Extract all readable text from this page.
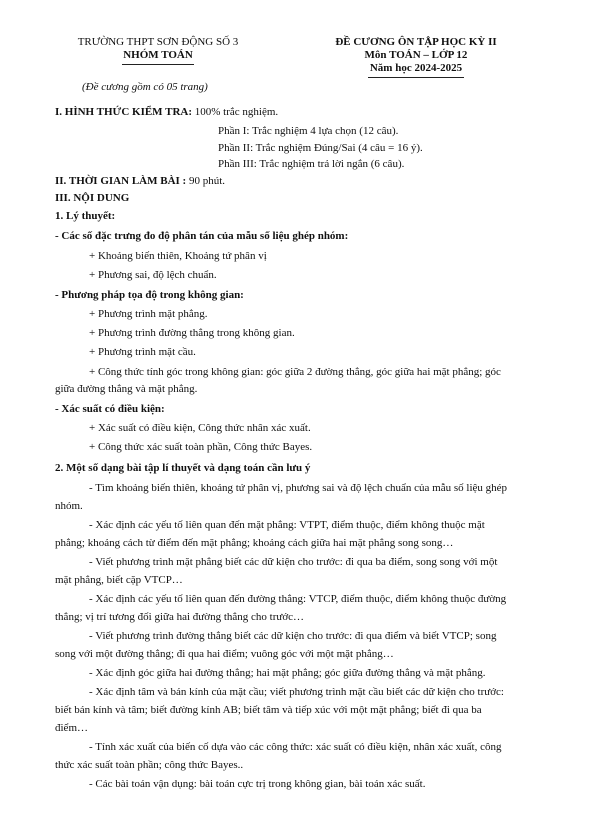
TRƯỜNG THPT SƠN ĐỘNG SỐ 3
NHÓM TOÁN
ĐỀ CƯƠNG ÔN TẬP HỌC KỲ II
Môn TOÁN – LỚP 12
Năm học 2024-2025
(Đề cương gồm có 05 trang)
I. HÌNH THỨC KIỂM TRA: 100% trắc nghiệm.
Phần I: Trắc nghiệm 4 lựa chọn (12 câu).
Phần II: Trắc nghiệm Đúng/Sai (4 câu = 16 ý).
Phần III: Trắc nghiệm trả lời ngắn (6 câu).
II. THỜI GIAN LÀM BÀI : 90 phút.
III. NỘI DUNG
1. Lý thuyết:
- Các số đặc trưng đo độ phân tán của mẫu số liệu ghép nhóm:
+ Khoảng biến thiên, Khoảng tứ phân vị
+ Phương sai, độ lệch chuẩn.
- Phương pháp tọa độ trong không gian:
+ Phương trình mặt phẳng.
+ Phương trình đường thẳng trong không gian.
+ Phương trình mặt cầu.
+ Công thức tính góc trong không gian: góc giữa 2 đường thẳng, góc giữa hai mặt phẳng; góc
giữa đường thẳng và mặt phẳng.
- Xác suất có điều kiện:
+ Xác suất có điều kiện, Công thức nhân xác xuất.
+ Công thức xác suất toàn phần, Công thức Bayes.
2. Một số dạng bài tập lí thuyết và dạng toán cần lưu ý
- Tìm khoảng biến thiên, khoảng tứ phân vị, phương sai và độ lệch chuẩn của mẫu số liệu ghép
nhóm.
- Xác định các yếu tố liên quan đến mặt phẳng: VTPT, điểm thuộc, điểm không thuộc mặt
phẳng; khoảng cách từ điểm đến mặt phẳng; khoảng cách giữa hai mặt phẳng song song…
- Viết phương trình mặt phẳng biết các dữ kiện cho trước: đi qua ba điểm, song song với một
mặt phẳng, biết cặp VTCP…
- Xác định các yếu tố liên quan đến đường thẳng: VTCP, điểm thuộc, điểm không thuộc đường
thẳng; vị trí tương đối giữa hai đường thẳng cho trước…
- Viết phương trình đường thẳng biết các dữ kiện cho trước: đi qua điểm và biết VTCP; song
song với một đường thẳng; đi qua hai điểm; vuông góc với một mặt phẳng…
- Xác định góc giữa hai đường thẳng; hai mặt phẳng; góc giữa đường thẳng và mặt phẳng.
- Xác định tâm và bán kính của mặt cầu; viết phương trình mặt cầu biết các dữ kiện cho trước:
biết bán kính và tâm; biết đường kính AB; biết tâm và tiếp xúc với một mặt phẳng; biết đi qua ba
điểm…
- Tính xác xuất của biến cố dựa vào các công thức: xác suất có điều kiện, nhân xác xuất, công
thức xác suất toàn phần; công thức Bayes..
- Các bài toán vận dụng: bài toán cực trị trong không gian, bài toán xác suất.
